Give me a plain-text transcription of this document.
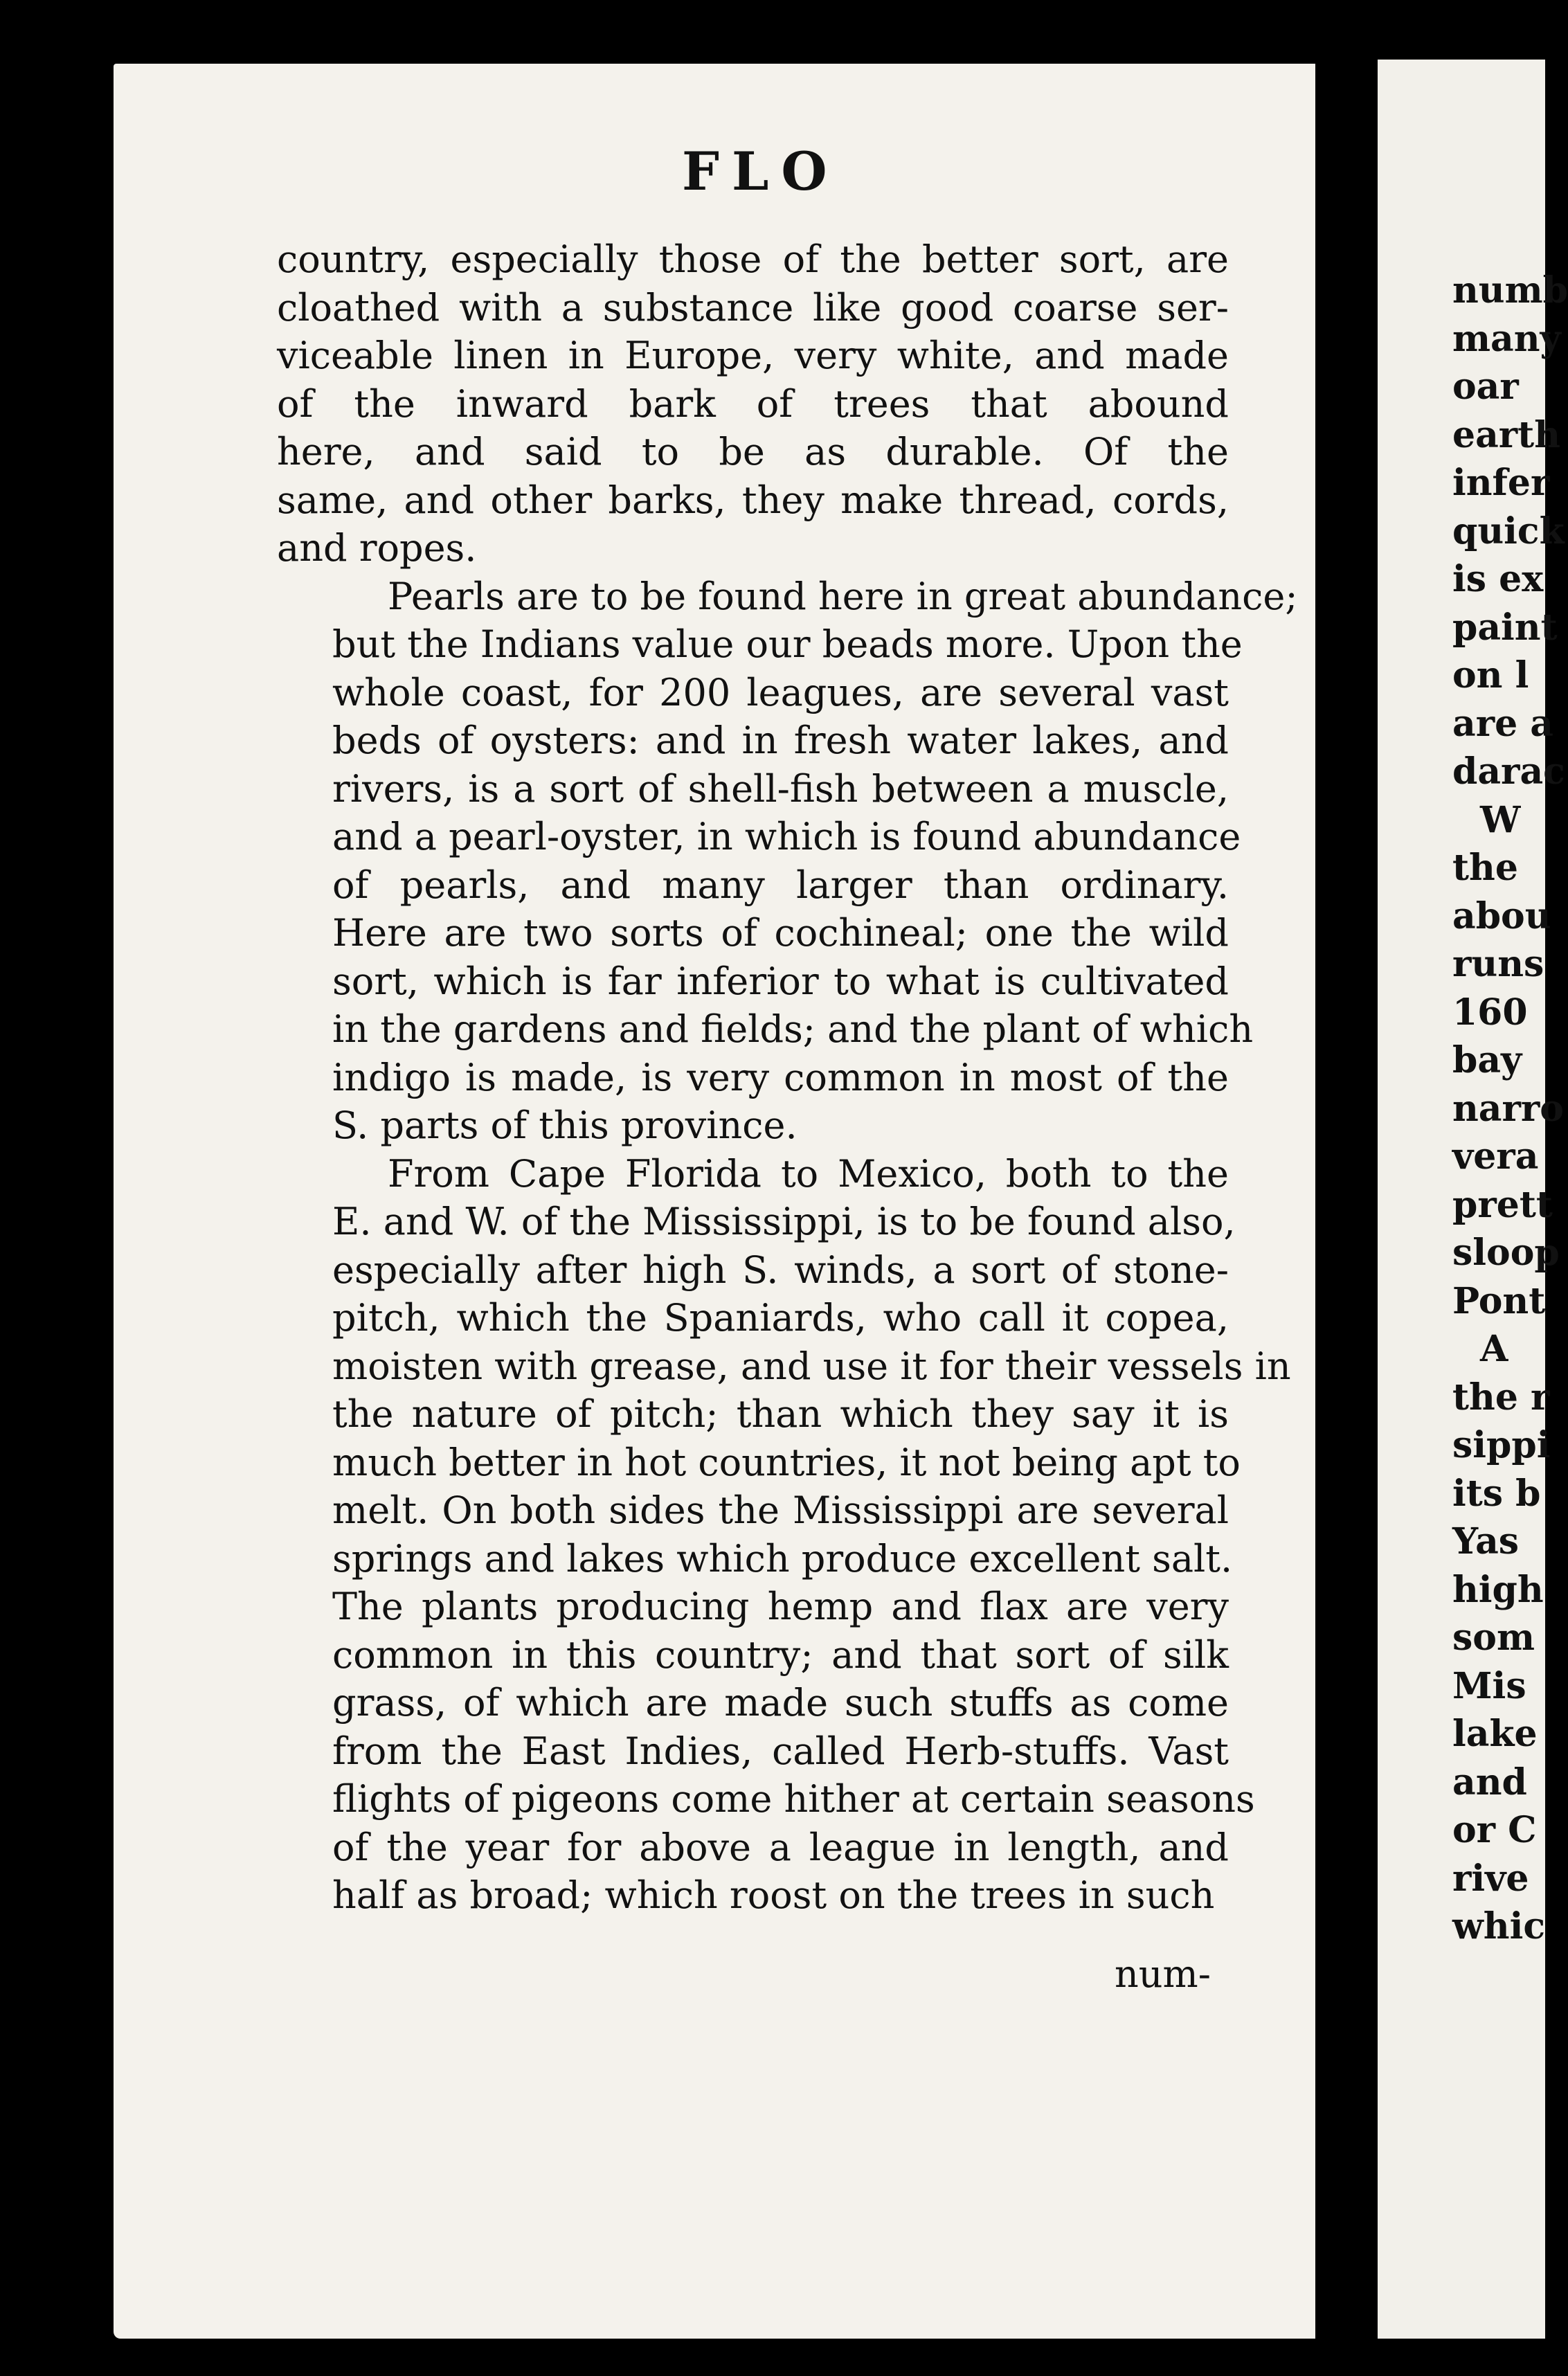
FLO

country, especially those of the better sort, are
cloathed with a substance like good coarse ser-
viceable linen in Europe, very white, and made
of the inward bark of trees that abound
here, and said to be as durable. Of the
same, and other barks, they make thread, cords,
and ropes.

Pearls are to be found here in great abundance;
but the Indians value our beads more. Upon the
whole coast, for 200 leagues, are several vast
beds of oysters: and in fresh water lakes, and
rivers, is a sort of shell-fish between a muscle,
and a pearl-oyster, in which is found abundance
of pearls, and many larger than ordinary.
Here are two sorts of cochineal; one the wild
sort, which is far inferior to what is cultivated
in the gardens and fields; and the plant of which
indigo is made, is very common in most of the
S. parts of this province.

From Cape Florida to Mexico, both to the
E. and W. of the Mississippi, is to be found also,
especially after high S. winds, a sort of stone-
pitch, which the Spaniards, who call it copea,
moisten with grease, and use it for their vessels in
the nature of pitch; than which they say it is
much better in hot countries, it not being apt to
melt. On both sides the Mississippi are several
springs and lakes which produce excellent salt.
The plants producing hemp and flax are very
common in this country; and that sort of silk
grass, of which are made such stuffs as come
from the East Indies, called Herb-stuffs. Vast
flights of pigeons come hither at certain seasons
of the year for above a league in length, and
half as broad; which roost on the trees in such

num-
numb
many
oar
earth
infer
quick
is ex
paint
on l
are a
darac
W
the
abou
runs
160
bay
narro
vera
prett
sloop
Pont
A
the r
sippi
its b
Yas
high
som
Mis
lake
and
or C
rive
whic
